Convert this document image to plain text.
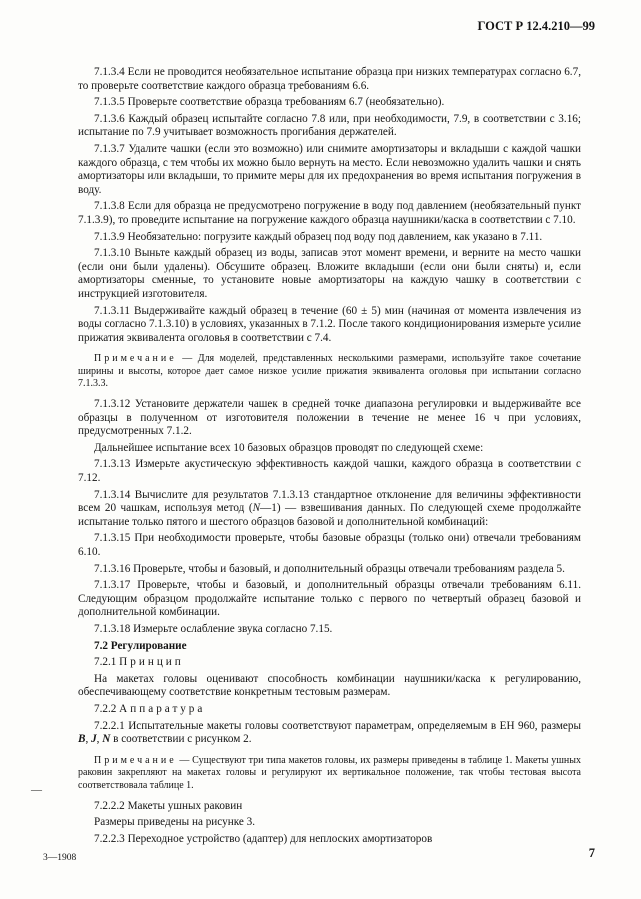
ГОСТ Р 12.4.210—99

7.1.3.4 Если не проводится необязательное испытание образца при низких температурах согласно 6.7, то проверьте соответствие каждого образца требованиям 6.6.

7.1.3.5 Проверьте соответствие образца требованиям 6.7 (необязательно).

7.1.3.6 Каждый образец испытайте согласно 7.8 или, при необходимости, 7.9, в соответствии с 3.16; испытание по 7.9 учитывает возможность прогибания держателей.

7.1.3.7 Удалите чашки (если это возможно) или снимите амортизаторы и вкладыши с каждой чашки каждого образца, с тем чтобы их можно было вернуть на место. Если невозможно удалить чашки и снять амортизаторы или вкладыши, то примите меры для их предохранения во время испытания погружения в воду.

7.1.3.8 Если для образца не предусмотрено погружение в воду под давлением (необязательный пункт 7.1.3.9), то проведите испытание на погружение каждого образца наушники/каска в соответствии с 7.10.

7.1.3.9 Необязательно: погрузите каждый образец под воду под давлением, как указано в 7.11.

7.1.3.10 Выньте каждый образец из воды, записав этот момент времени, и верните на место чашки (если они были удалены). Обсушите образец. Вложите вкладыши (если они были сняты) и, если амортизаторы сменные, то установите новые амортизаторы на каждую чашку в соответствии с инструкцией изготовителя.

7.1.3.11 Выдерживайте каждый образец в течение (60 ± 5) мин (начиная от момента извлечения из воды согласно 7.1.3.10) в условиях, указанных в 7.1.2. После такого кондиционирования измерьте усилие прижатия эквивалента оголовья в соответствии с 7.4.

Примечание — Для моделей, представленных несколькими размерами, используйте такое сочетание ширины и высоты, которое дает самое низкое усилие прижатия эквивалента оголовья при испытании согласно 7.1.3.3.

7.1.3.12 Установите держатели чашек в средней точке диапазона регулировки и выдерживайте все образцы в полученном от изготовителя положении в течение не менее 16 ч при условиях, предусмотренных 7.1.2.

Дальнейшее испытание всех 10 базовых образцов проводят по следующей схеме:

7.1.3.13 Измерьте акустическую эффективность каждой чашки, каждого образца в соответствии с 7.12.

7.1.3.14 Вычислите для результатов 7.1.3.13 стандартное отклонение для величины эффективности всем 20 чашкам, используя метод (N—1) — взвешивания данных. По следующей схеме продолжайте испытание только пятого и шестого образцов базовой и дополнительной комбинаций:

7.1.3.15 При необходимости проверьте, чтобы базовые образцы (только они) отвечали требованиям 6.10.

7.1.3.16 Проверьте, чтобы и базовый, и дополнительный образцы отвечали требованиям раздела 5.

7.1.3.17 Проверьте, чтобы и базовый, и дополнительный образцы отвечали требованиям 6.11. Следующим образцом продолжайте испытание только с первого по четвертый образец базовой и дополнительной комбинации.

7.1.3.18 Измерьте ослабление звука согласно 7.15.

7.2 Регулирование

7.2.1 Принцип

На макетах головы оценивают способность комбинации наушники/каска к регулированию, обеспечивающему соответствие конкретным тестовым размерам.

7.2.2 Аппаратура

7.2.2.1 Испытательные макеты головы соответствуют параметрам, определяемым в ЕН 960, размеры B, J, N в соответствии с рисунком 2.

Примечание — Существуют три типа макетов головы, их размеры приведены в таблице 1. Макеты ушных раковин закрепляют на макетах головы и регулируют их вертикальное положение, так чтобы тестовая высота соответствовала таблице 1.

7.2.2.2 Макеты ушных раковин

Размеры приведены на рисунке 3.

7.2.2.3 Переходное устройство (адаптер) для неплоских амортизаторов

—
3—1908	7
